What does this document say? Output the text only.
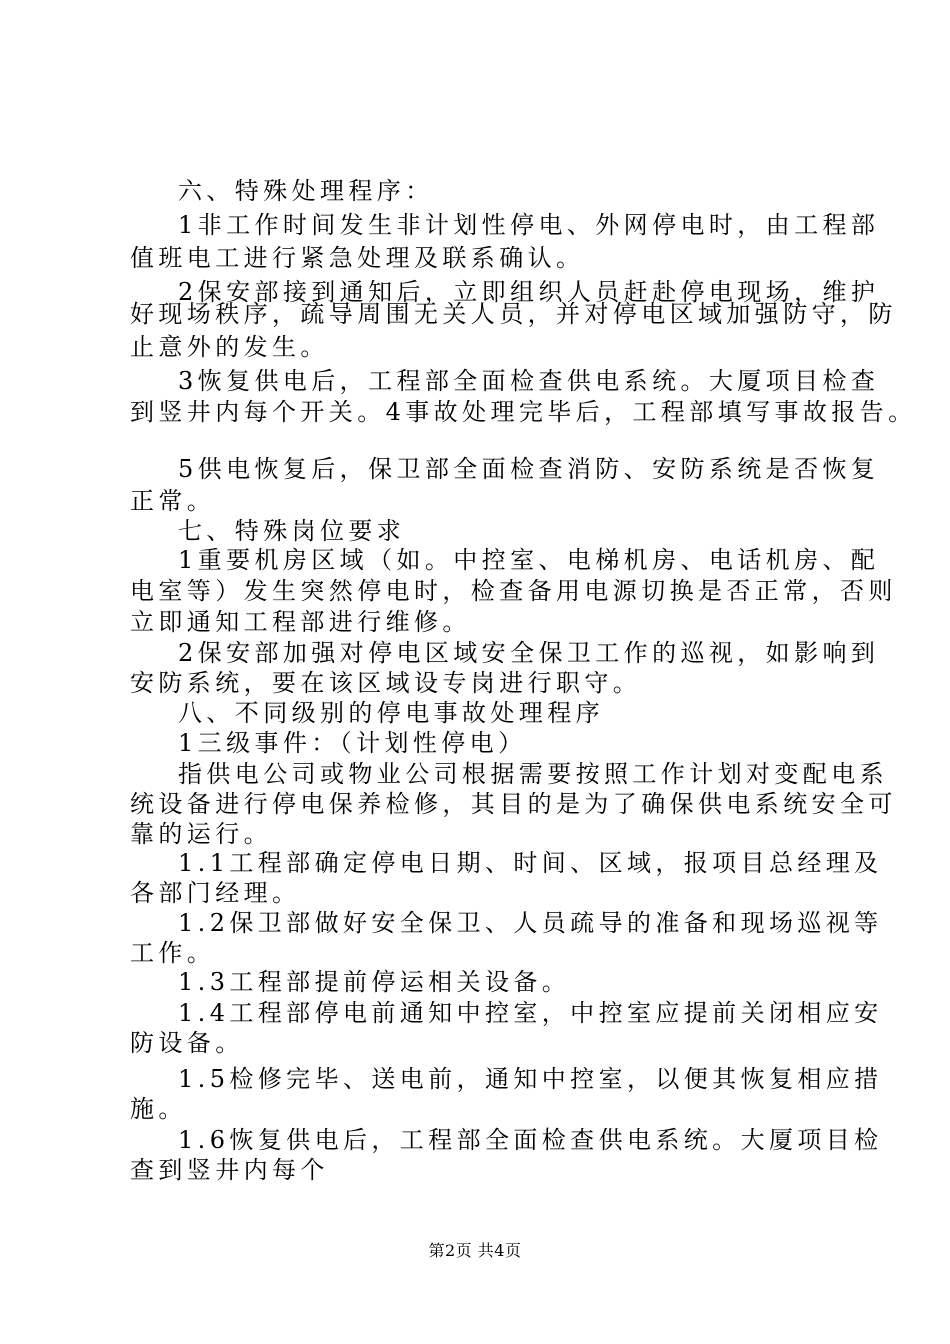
六、特殊处理程序：
1非工作时间发生非计划性停电、外网停电时，由工程部
值班电工进行紧急处理及联系确认。
2保安部接到通知后，立即组织人员赶赴停电现场，维护
好现场秩序，疏导周围无关人员，并对停电区域加强防守，防
止意外的发生。
3恢复供电后，工程部全面检查供电系统。大厦项目检查
到竖井内每个开关。4事故处理完毕后，工程部填写事故报告。
5供电恢复后，保卫部全面检查消防、安防系统是否恢复
正常。
七、特殊岗位要求
1重要机房区域（如。中控室、电梯机房、电话机房、配
电室等）发生突然停电时，检查备用电源切换是否正常，否则
立即通知工程部进行维修。
2保安部加强对停电区域安全保卫工作的巡视，如影响到
安防系统，要在该区域设专岗进行职守。
八、不同级别的停电事故处理程序
1三级事件：（计划性停电）
指供电公司或物业公司根据需要按照工作计划对变配电系
统设备进行停电保养检修，其目的是为了确保供电系统安全可
靠的运行。
1.1工程部确定停电日期、时间、区域，报项目总经理及
各部门经理。
1.2保卫部做好安全保卫、人员疏导的准备和现场巡视等
工作。
1.3工程部提前停运相关设备。
1.4工程部停电前通知中控室，中控室应提前关闭相应安
防设备。
1.5检修完毕、送电前，通知中控室，以便其恢复相应措
施。
1.6恢复供电后，工程部全面检查供电系统。大厦项目检
查到竖井内每个
第2页 共4页
